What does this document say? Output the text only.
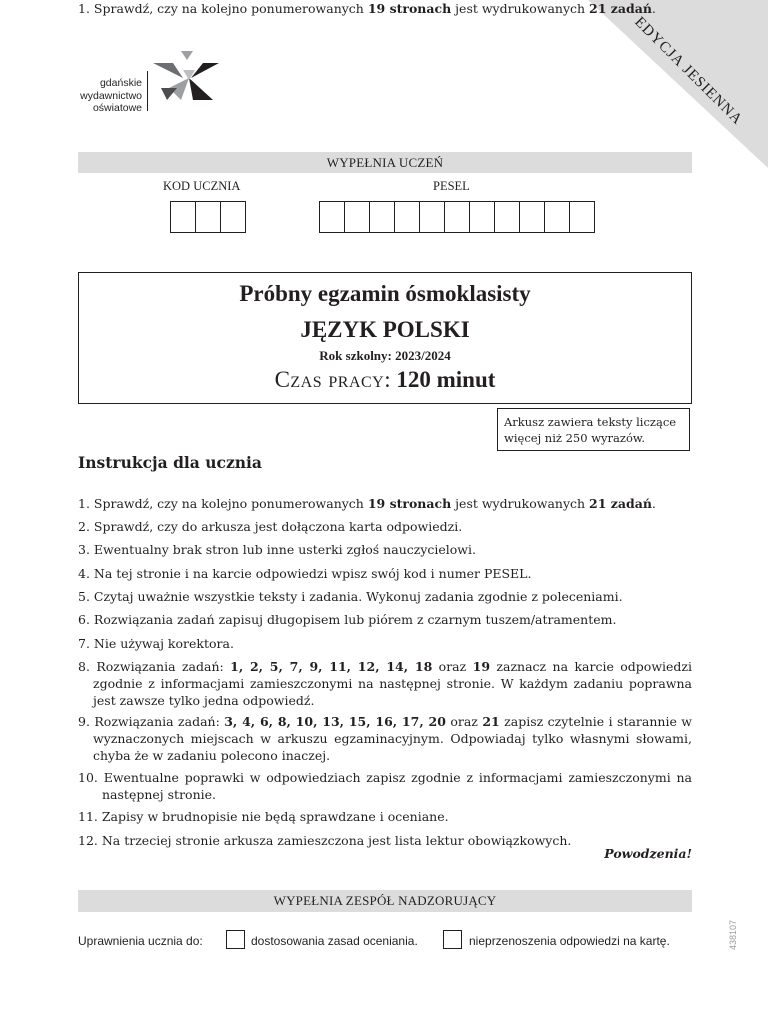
EDYCJA JESIENNA
gdańskie
wydawnictwo
oświatowe
WYPEŁNIA UCZEŃ
KOD UCZNIA	PESEL
Próbny egzamin ósmoklasisty
JĘZYK POLSKI
Rok szkolny: 2023/2024
Czas pracy: 120 minut
Arkusz zawiera teksty liczące więcej niż 250 wyrazów.
Instrukcja dla ucznia
1. Sprawdź, czy na kolejno ponumerowanych 19 stronach jest wydrukowanych 21 zadań.
1. Sprawdź, czy na kolejno ponumerowanych 19 stronach jest wydrukowanych 21 zadań.
2. Sprawdź, czy do arkusza jest dołączona karta odpowiedzi.
3. Ewentualny brak stron lub inne usterki zgłoś nauczycielowi.
4. Na tej stronie i na karcie odpowiedzi wpisz swój kod i numer PESEL.
5. Czytaj uważnie wszystkie teksty i zadania. Wykonuj zadania zgodnie z poleceniami.
6. Rozwiązania zadań zapisuj długopisem lub piórem z czarnym tuszem/atramentem.
7. Nie używaj korektora.
8. Rozwiązania zadań: 1, 2, 5, 7, 9, 11, 12, 14, 18 oraz 19 zaznacz na karcie odpowiedzi zgodnie z informacjami zamieszczonymi na następnej stronie. W każdym zadaniu poprawna jest zawsze tylko jedna odpowiedź.
9. Rozwiązania zadań: 3, 4, 6, 8, 10, 13, 15, 16, 17, 20 oraz 21 zapisz czytelnie i starannie w wyznaczonych miejscach w arkuszu egzaminacyjnym. Odpowiadaj tylko własnymi słowami, chyba że w zadaniu polecono inaczej.
10. Ewentualne poprawki w odpowiedziach zapisz zgodnie z informacjami zamieszczonymi na następnej stronie.
11. Zapisy w brudnopisie nie będą sprawdzane i oceniane.
12. Na trzeciej stronie arkusza zamieszczona jest lista lektur obowiązkowych.
Powodzenia!
WYPEŁNIA ZESPÓŁ NADZORUJĄCY
Uprawnienia ucznia do:	dostosowania zasad oceniania.	nieprzenoszenia odpowiedzi na kartę.	438107
